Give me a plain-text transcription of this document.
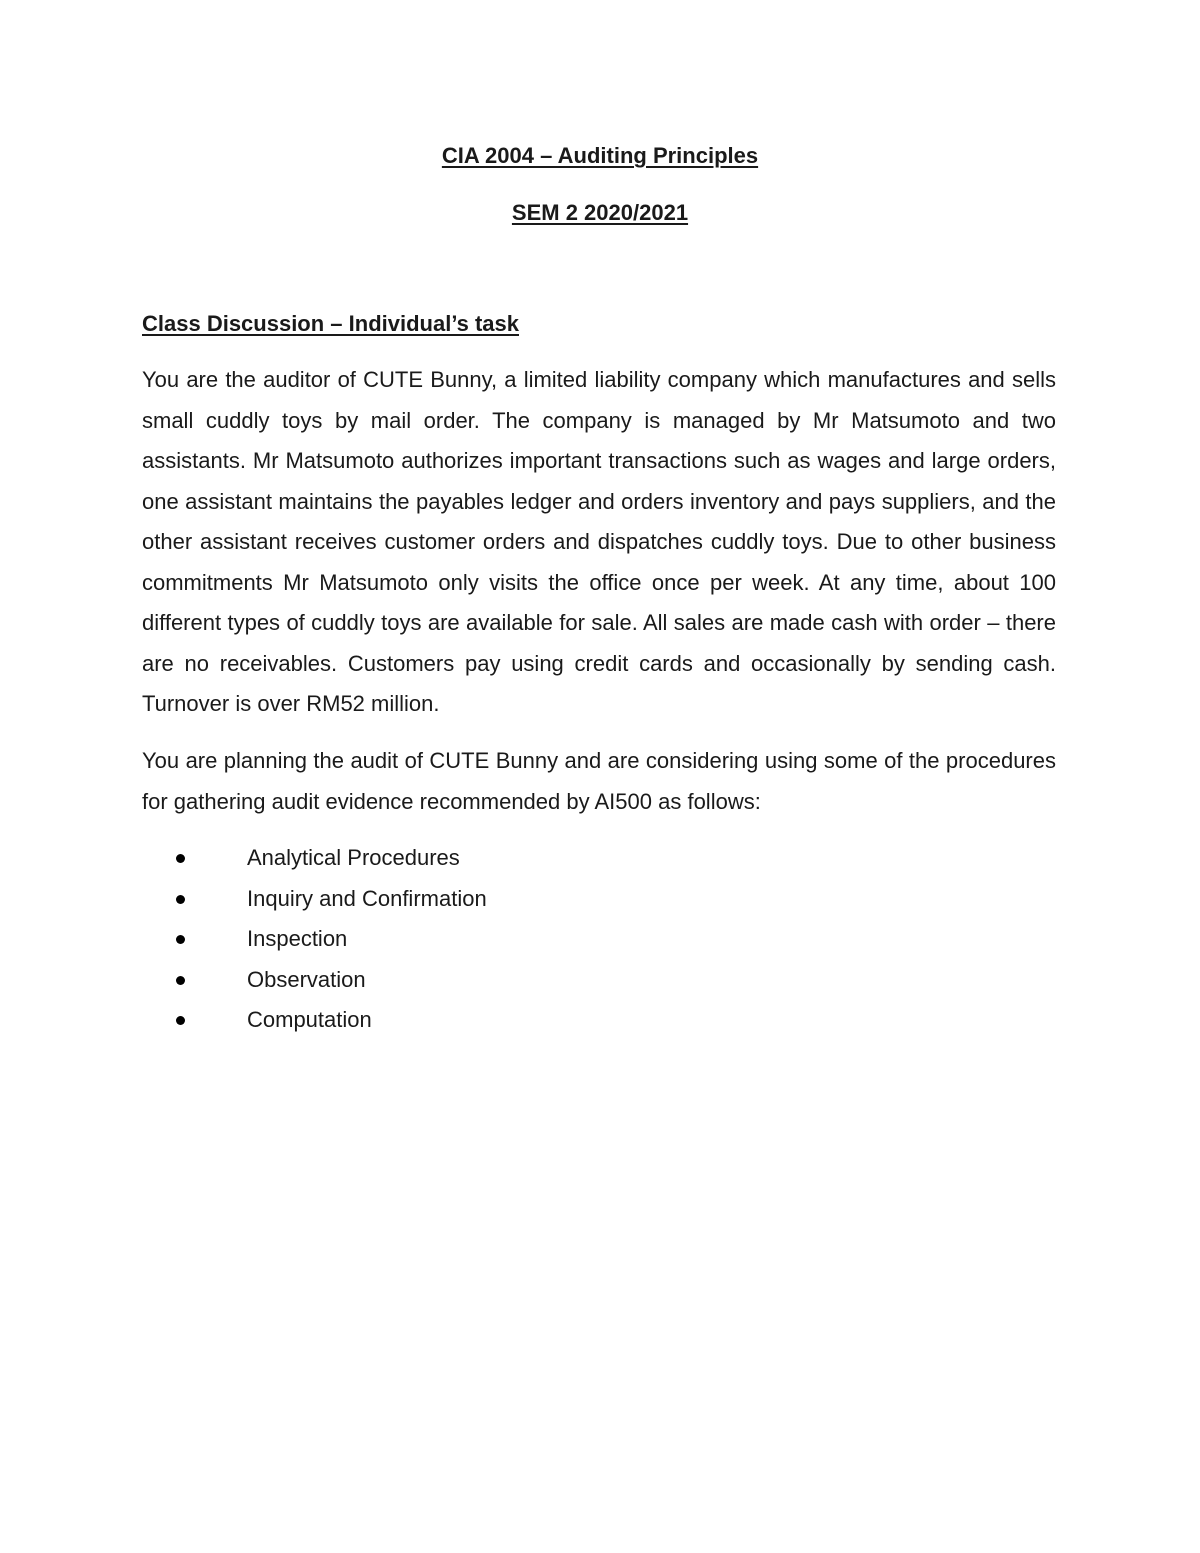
CIA 2004 – Auditing Principles
SEM 2 2020/2021
Class Discussion – Individual’s task

You are the auditor of CUTE Bunny, a limited liability company which manufactures and sells small cuddly toys by mail order. The company is managed by Mr Matsumoto and two assistants. Mr Matsumoto authorizes important transactions such as wages and large orders, one assistant maintains the payables ledger and orders inventory and pays suppliers, and the other assistant receives customer orders and dispatches cuddly toys. Due to other business commitments Mr Matsumoto only visits the office once per week. At any time, about 100 different types of cuddly toys are available for sale. All sales are made cash with order – there are no receivables. Customers pay using credit cards and occasionally by sending cash. Turnover is over RM52 million.

You are planning the audit of CUTE Bunny and are considering using some of the procedures for gathering audit evidence recommended by AI500 as follows:

Analytical Procedures
Inquiry and Confirmation
Inspection
Observation
Computation
